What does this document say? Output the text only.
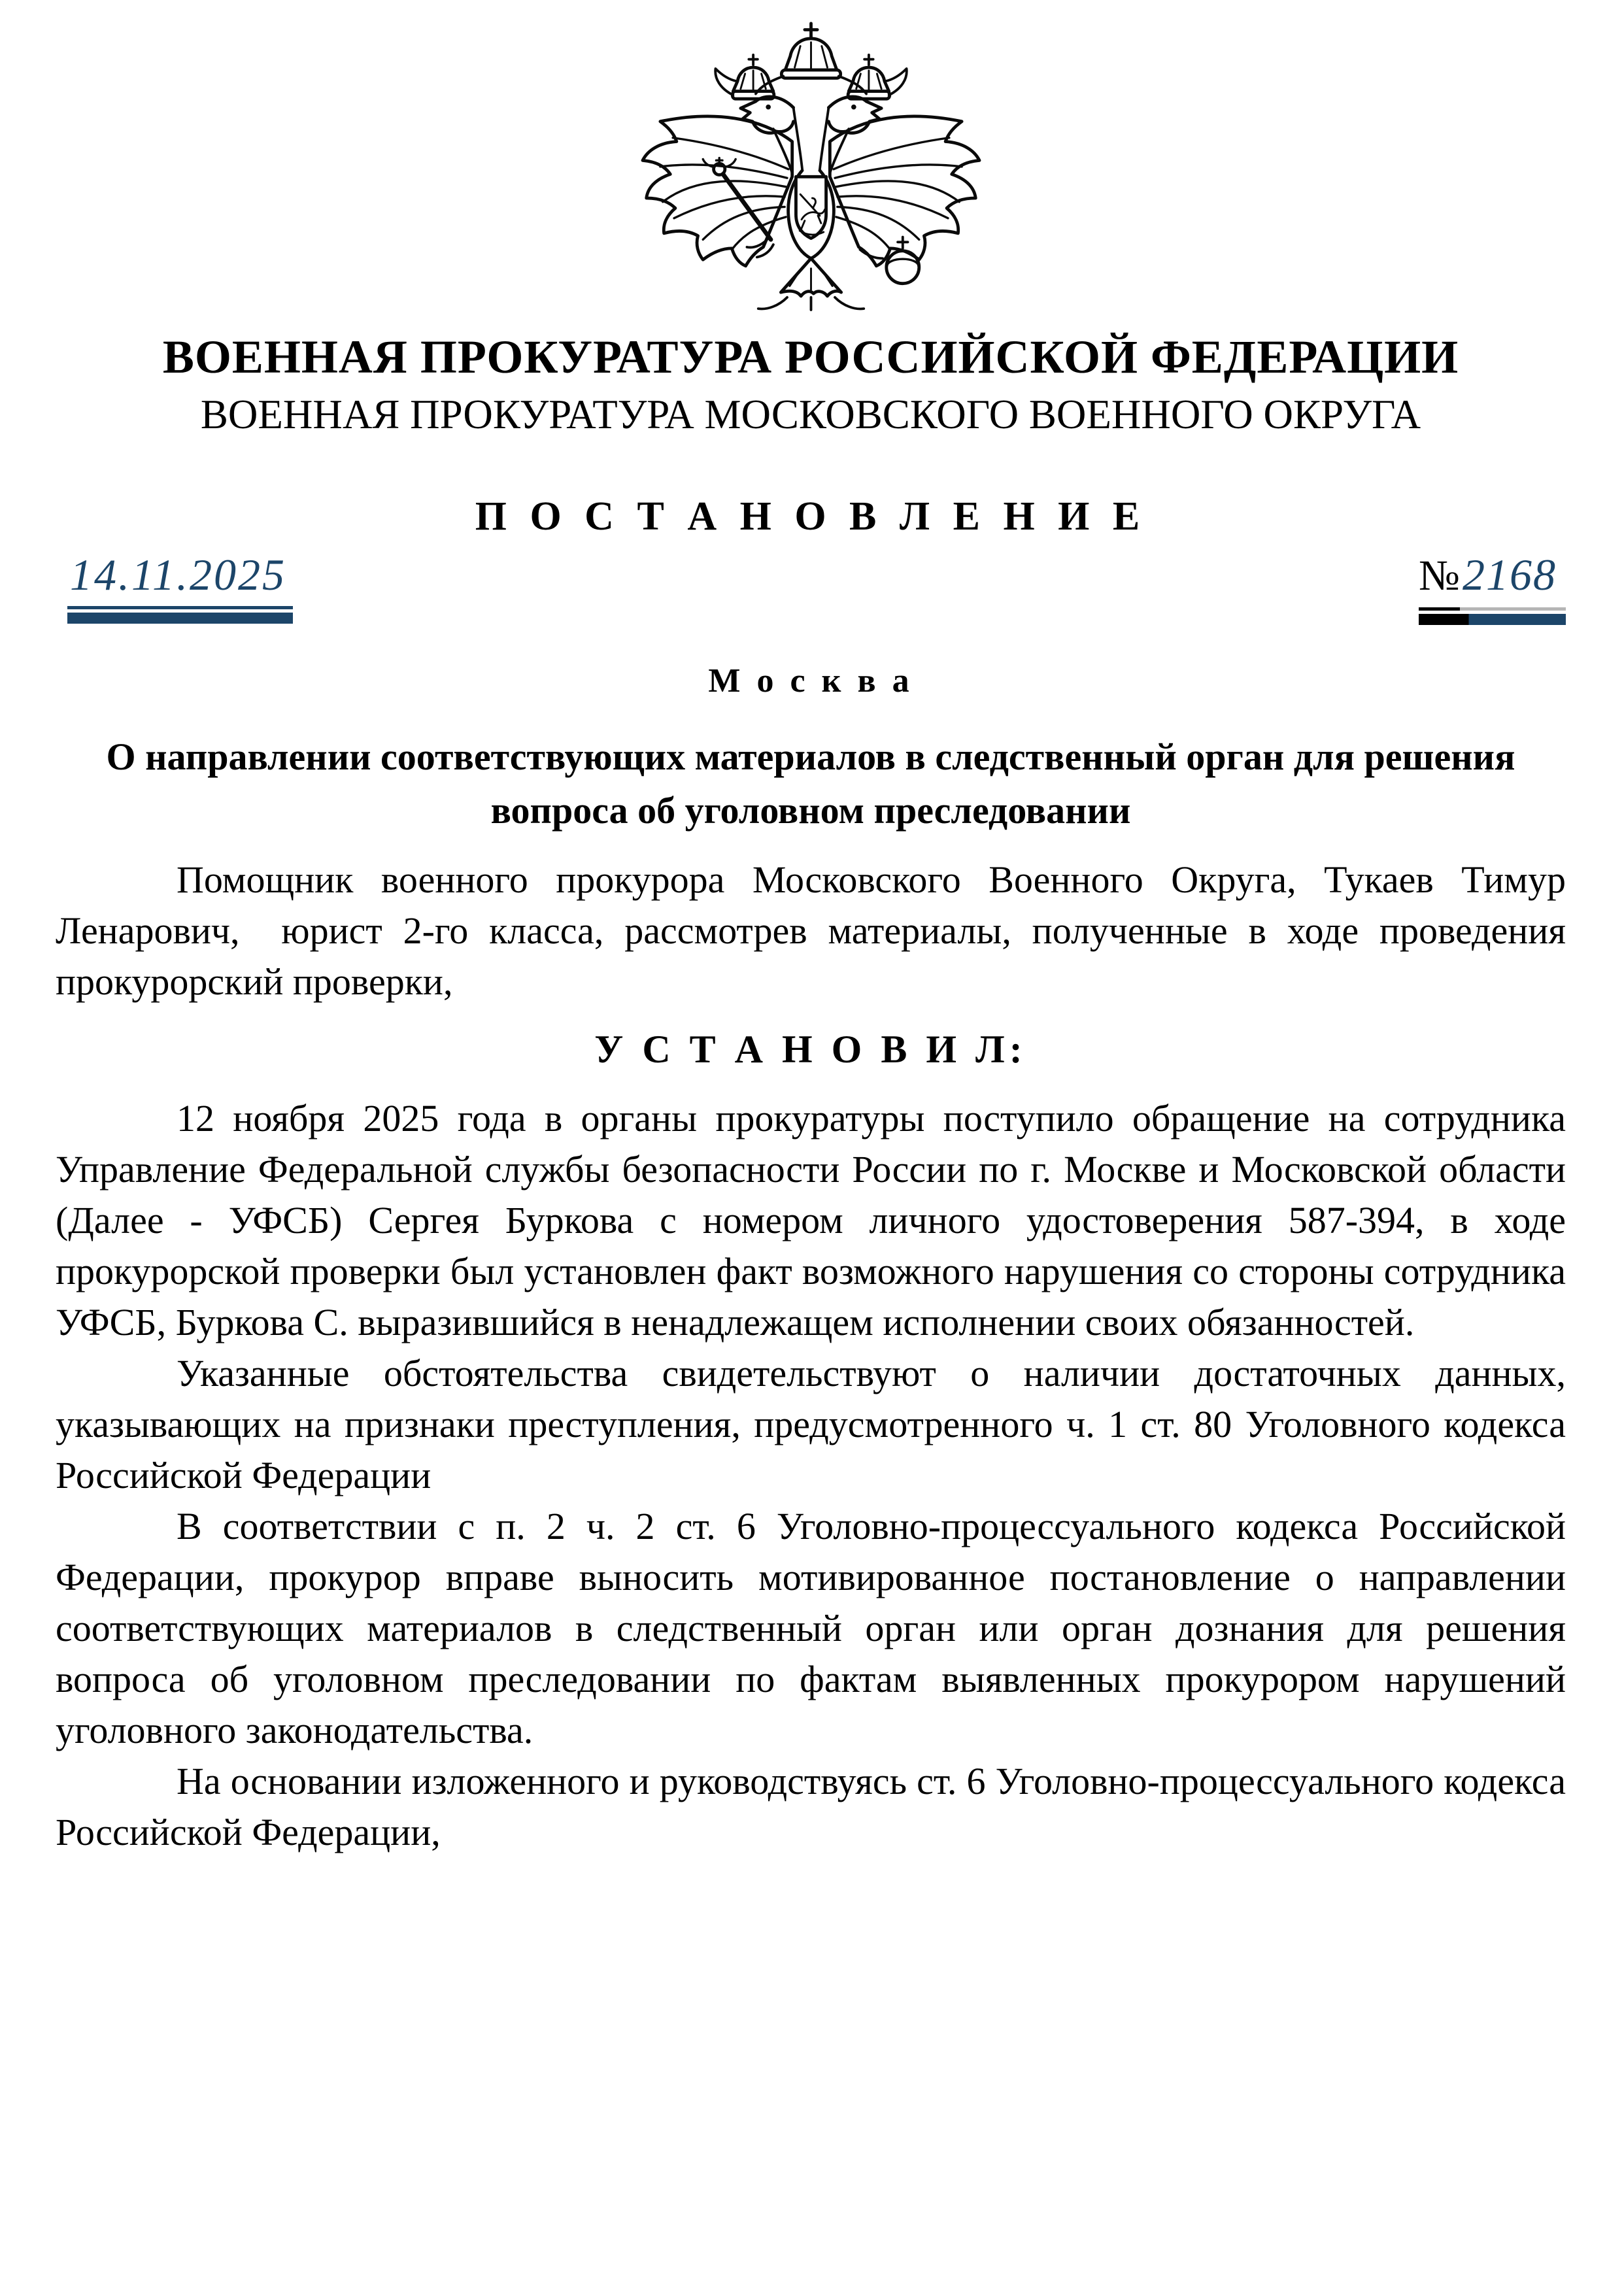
ВОЕННАЯ ПРОКУРАТУРА РОССИЙСКОЙ ФЕДЕРАЦИИ
ВОЕННАЯ ПРОКУРАТУРА МОСКОВСКОГО ВОЕННОГО ОКРУГА
П О С Т А Н О В Л Е Н И Е
14.11.2025	№2168
М о с к в а
О направлении соответствующих материалов в следственный орган для решения
вопроса об уголовном преследовании

Помощник военного прокурора Московского Военного Округа, Тукаев Тимур Ленарович,  юрист 2-го класса, рассмотрев материалы, полученные в ходе проведения прокурорский проверки,

У С Т А Н О В И Л:

12 ноября 2025 года в органы прокуратуры поступило обращение на сотрудника Управление Федеральной службы безопасности России по г. Москве и Московской области (Далее - УФСБ) Сергея Буркова с номером личного удостоверения 587-394, в ходе прокурорской проверки был установлен факт возможного нарушения со стороны сотрудника УФСБ, Буркова С. выразившийся в ненадлежащем исполнении своих обязанностей.

Указанные обстоятельства свидетельствуют о наличии достаточных данных, указывающих на признаки преступления, предусмотренного ч. 1 ст. 80 Уголовного кодекса Российской Федерации

В соответствии с п. 2 ч. 2 ст. 6 Уголовно-процессуального кодекса Российской Федерации, прокурор вправе выносить мотивированное постановление о направлении соответствующих материалов в следственный орган или орган дознания для решения вопроса об уголовном преследовании по фактам выявленных прокурором нарушений уголовного законодательства.

На основании изложенного и руководствуясь ст. 6 Уголовно-процессуального кодекса Российской Федерации,
